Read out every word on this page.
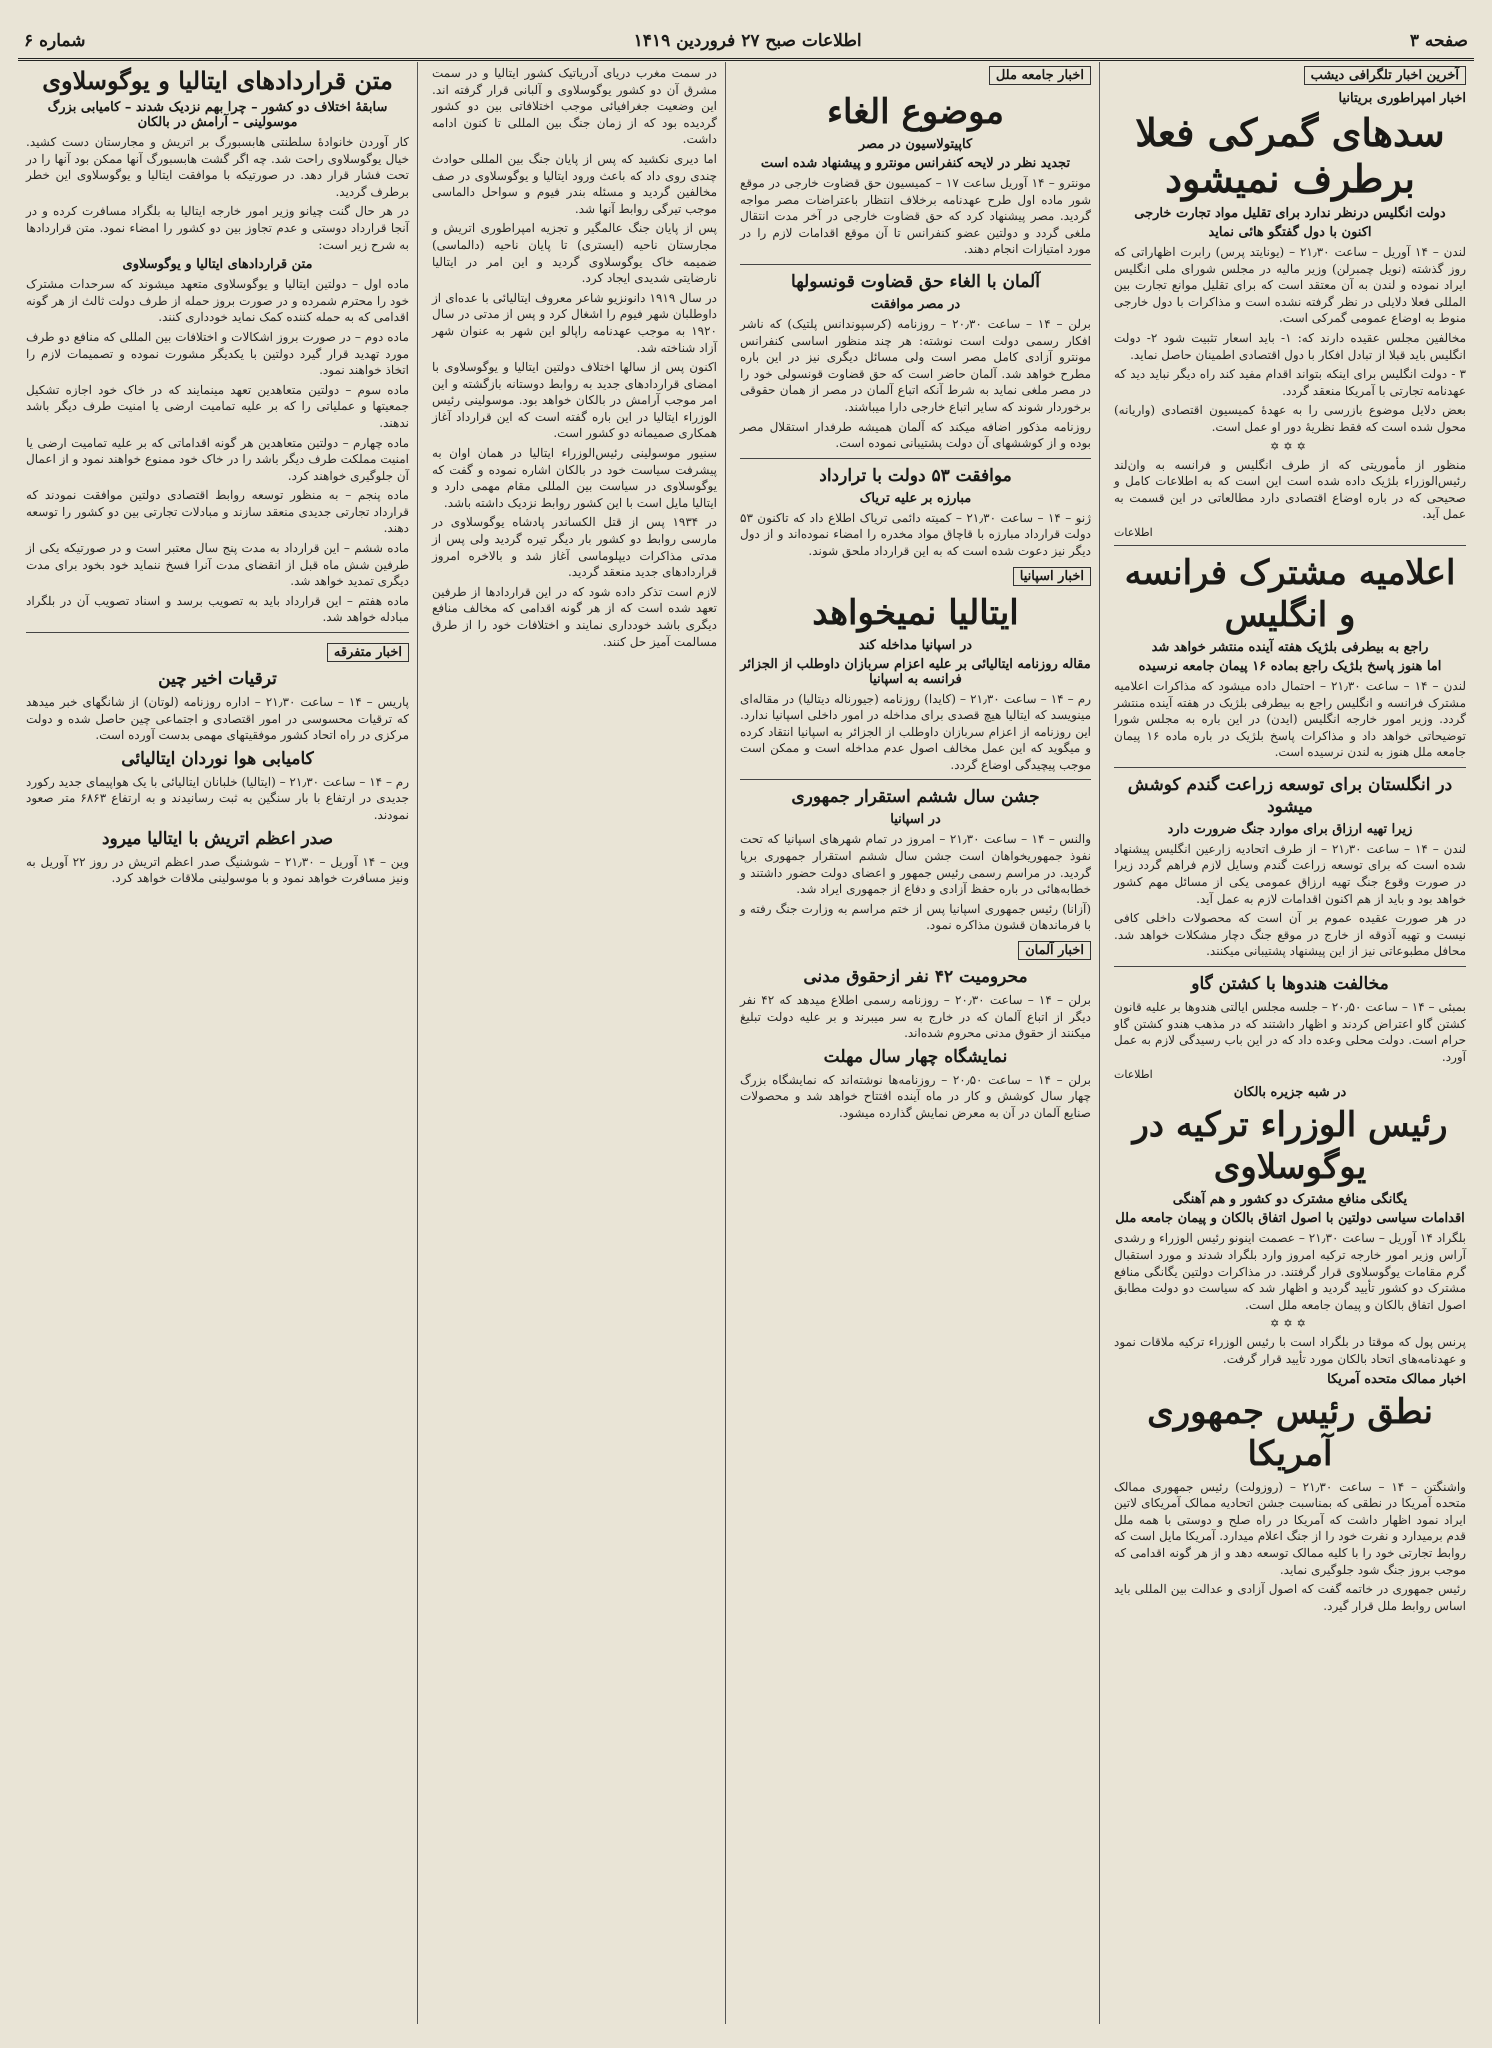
صفحه ۳
اطلاعات صبح ۲۷ فروردین ۱۴۱۹
شماره ۶
آخرین اخبار تلگرافی دیشب
اخبار امپراطوری بریتانیا
سدهای گمرکی فعلا برطرف نمیشود
دولت انگلیس درنظر ندارد برای تقلیل مواد تجارت خارجی
اکنون با دول گفتگو هائی نماید

لندن – ۱۴ آوریل – ساعت ۲۱٫۳۰ – (یونایتد پرس) رابرت اظهاراتی که روز گذشته (نویل چمبرلن) وزیر مالیه در مجلس شورای ملی انگلیس ایراد نموده و لندن به آن معتقد است که برای تقلیل موانع تجارت بین المللی فعلا دلایلی در نظر گرفته نشده است و مذاکرات با دول خارجی منوط به اوضاع عمومی گمرکی است.

مخالفین مجلس عقیده دارند که: ۱- باید اسعار تثبیت شود ۲- دولت انگلیس باید قبلا از تبادل افکار با دول اقتصادی اطمینان حاصل نماید.

۳ - دولت انگلیس برای اینکه بتواند اقدام مفید کند راه دیگر نباید دید که عهدنامه تجارتی با آمریکا منعقد گردد.

بعض دلایل موضوع بازرسی را به عهدهٔ کمیسیون اقتصادی (واریانه) محول شده است که فقط نظریهٔ دور او عمل است.

✡✡✡

منظور از مأموریتی که از طرف انگلیس و فرانسه به وان‌لند رئیس‌الوزراء بلژیک داده شده است این است که به اطلاعات کامل و صحیحی که در باره اوضاع اقتصادی دارد مطالعاتی در این قسمت به عمل آید.

اطلاعات
اعلامیه مشترک فرانسه و انگلیس
راجع به بیطرفی بلژیک هفته آینده منتشر خواهد شد
اما هنوز پاسخ بلژیک راجع بماده ۱۶ پیمان جامعه نرسیده

لندن – ۱۴ – ساعت ۲۱٫۳۰ – احتمال داده میشود که مذاکرات اعلامیه مشترک فرانسه و انگلیس راجع به بیطرفی بلژیک در هفته آینده منتشر گردد. وزیر امور خارجه انگلیس (ایدن) در این باره به مجلس شورا توضیحاتی خواهد داد و مذاکرات پاسخ بلژیک در باره ماده ۱۶ پیمان جامعه ملل هنوز به لندن نرسیده است.

در انگلستان برای توسعه زراعت گندم کوشش میشود
زیرا تهیه ارزاق برای موارد جنگ ضرورت دارد

لندن – ۱۴ – ساعت ۲۱٫۳۰ – از طرف اتحادیه زارعین انگلیس پیشنهاد شده است که برای توسعه زراعت گندم وسایل لازم فراهم گردد زیرا در صورت وقوع جنگ تهیه ارزاق عمومی یکی از مسائل مهم کشور خواهد بود و باید از هم اکنون اقدامات لازم به عمل آید.

در هر صورت عقیده عموم بر آن است که محصولات داخلی کافی نیست و تهیه آذوقه از خارج در موقع جنگ دچار مشکلات خواهد شد. محافل مطبوعاتی نیز از این پیشنهاد پشتیبانی میکنند.

مخالفت هندوها با کشتن گاو

بمبئی – ۱۴ – ساعت ۲۰٫۵۰ – جلسه مجلس ایالتی هندوها بر علیه قانون کشتن گاو اعتراض کردند و اظهار داشتند که در مذهب هندو کشتن گاو حرام است. دولت محلی وعده داد که در این باب رسیدگی لازم به عمل آورد.

اطلاعات
در شبه جزیره بالکان
رئیس الوزراء ترکیه در یوگوسلاوی
یگانگی منافع مشترک دو کشور و هم آهنگی
اقدامات سیاسی دولتین با اصول اتفاق بالکان و پیمان جامعه ملل

بلگراد ۱۴ آوریل – ساعت ۲۱٫۳۰ – عصمت اینونو رئیس الوزراء و رشدی آراس وزیر امور خارجه ترکیه امروز وارد بلگراد شدند و مورد استقبال گرم مقامات یوگوسلاوی قرار گرفتند. در مذاکرات دولتین یگانگی منافع مشترک دو کشور تأیید گردید و اظهار شد که سیاست دو دولت مطابق اصول اتفاق بالکان و پیمان جامعه ملل است.

✡✡✡

پرنس پول که موقتا در بلگراد است با رئیس الوزراء ترکیه ملاقات نمود و عهدنامه‌های اتحاد بالکان مورد تأیید قرار گرفت.

اخبار ممالک متحده آمریکا
نطق رئیس جمهوری آمریکا

واشنگتن – ۱۴ – ساعت ۲۱٫۳۰ – (روزولت) رئیس جمهوری ممالک متحده آمریکا در نطقی که بمناسبت جشن اتحادیه ممالک آمریکای لاتین ایراد نمود اظهار داشت که آمریکا در راه صلح و دوستی با همه ملل قدم برمیدارد و نفرت خود را از جنگ اعلام میدارد. آمریکا مایل است که روابط تجارتی خود را با کلیه ممالک توسعه دهد و از هر گونه اقدامی که موجب بروز جنگ شود جلوگیری نماید.

رئیس جمهوری در خاتمه گفت که اصول آزادی و عدالت بین المللی باید اساس روابط ملل قرار گیرد.

اخبار جامعه ملل
موضوع الغاء
کاپیتولاسیون در مصر
تجدید نظر در لایحه کنفرانس مونترو و پیشنهاد شده است

مونترو – ۱۴ آوریل ساعت ۱۷ – کمیسیون حق قضاوت خارجی در موقع شور ماده اول طرح عهدنامه برخلاف انتظار باعتراضات مصر مواجه گردید. مصر پیشنهاد کرد که حق قضاوت خارجی در آخر مدت انتقال ملغی گردد و دولتین عضو کنفرانس تا آن موقع اقدامات لازم را در مورد امتیازات انجام دهند.

آلمان با الغاء حق قضاوت قونسولها
در مصر موافقت

برلن – ۱۴ – ساعت ۲۰٫۳۰ – روزنامه (کرسپوندانس پلتیک) که ناشر افکار رسمی دولت است نوشته: هر چند منظور اساسی کنفرانس مونترو آزادی کامل مصر است ولی مسائل دیگری نیز در این باره مطرح خواهد شد. آلمان حاضر است که حق قضاوت قونسولی خود را در مصر ملغی نماید به شرط آنکه اتباع آلمان در مصر از همان حقوقی برخوردار شوند که سایر اتباع خارجی دارا میباشند.

روزنامه مذکور اضافه میکند که آلمان همیشه طرفدار استقلال مصر بوده و از کوششهای آن دولت پشتیبانی نموده است.

موافقت ۵۳ دولت با ترارداد
مبارزه بر علیه تریاک

ژنو – ۱۴ – ساعت ۲۱٫۳۰ – کمیته دائمی تریاک اطلاع داد که تاکنون ۵۳ دولت قرارداد مبارزه با قاچاق مواد مخدره را امضاء نموده‌اند و از دول دیگر نیز دعوت شده است که به این قرارداد ملحق شوند.

اخبار اسپانیا
ایتالیا نمیخواهد
در اسپانیا مداخله کند
مقاله روزنامه ایتالیائی بر علیه اعزام سربازان داوطلب از الجزائر فرانسه به اسپانیا

رم – ۱۴ – ساعت ۲۱٫۳۰ – (کایدا) روزنامه (جیورناله دیتالیا) در مقاله‌ای مینویسد که ایتالیا هیچ قصدی برای مداخله در امور داخلی اسپانیا ندارد. این روزنامه از اعزام سربازان داوطلب از الجزائر به اسپانیا انتقاد کرده و میگوید که این عمل مخالف اصول عدم مداخله است و ممکن است موجب پیچیدگی اوضاع گردد.

جشن سال ششم استقرار جمهوری
در اسپانیا

والنس – ۱۴ – ساعت ۲۱٫۳۰ – امروز در تمام شهرهای اسپانیا که تحت نفوذ جمهوریخواهان است جشن سال ششم استقرار جمهوری برپا گردید. در مراسم رسمی رئیس جمهور و اعضای دولت حضور داشتند و خطابه‌هائی در باره حفظ آزادی و دفاع از جمهوری ایراد شد.

(آزانا) رئیس جمهوری اسپانیا پس از ختم مراسم به وزارت جنگ رفته و با فرماندهان قشون مذاکره نمود.

اخبار آلمان
محرومیت ۴۲ نفر ازحقوق مدنی

برلن – ۱۴ – ساعت ۲۰٫۳۰ – روزنامه رسمی اطلاع میدهد که ۴۲ نفر دیگر از اتباع آلمان که در خارج به سر میبرند و بر علیه دولت تبلیغ میکنند از حقوق مدنی محروم شده‌اند.

نمایشگاه چهار سال مهلت

برلن – ۱۴ – ساعت ۲۰٫۵۰ – روزنامه‌ها نوشته‌اند که نمایشگاه بزرگ چهار سال کوشش و کار در ماه آینده افتتاح خواهد شد و محصولات صنایع آلمان در آن به معرض نمایش گذارده میشود.

در سمت مغرب دریای آدریاتیک کشور ایتالیا و در سمت مشرق آن دو کشور یوگوسلاوی و آلبانی قرار گرفته اند. این وضعیت جغرافیائی موجب اختلافاتی بین دو کشور گردیده بود که از زمان جنگ بین المللی تا کنون ادامه داشت.

اما دیری نکشید که پس از پایان جنگ بین المللی حوادث چندی روی داد که باعث ورود ایتالیا و یوگوسلاوی در صف مخالفین گردید و مسئله بندر فیوم و سواحل دالماسی موجب تیرگی روابط آنها شد.

پس از پایان جنگ عالمگیر و تجزیه امپراطوری اتریش و مجارستان ناحیه (ایستری) تا پایان ناحیه (دالماسی) ضمیمه خاک یوگوسلاوی گردید و این امر در ایتالیا نارضایتی شدیدی ایجاد کرد.

در سال ۱۹۱۹ دانونزیو شاعر معروف ایتالیائی با عده‌ای از داوطلبان شهر فیوم را اشغال کرد و پس از مدتی در سال ۱۹۲۰ به موجب عهدنامه راپالو این شهر به عنوان شهر آزاد شناخته شد.

اکنون پس از سالها اختلاف دولتین ایتالیا و یوگوسلاوی با امضای قراردادهای جدید به روابط دوستانه بازگشته و این امر موجب آرامش در بالکان خواهد بود. موسولینی رئیس الوزراء ایتالیا در این باره گفته است که این قرارداد آغاز همکاری صمیمانه دو کشور است.

سنیور موسولینی رئیس‌الوزراء ایتالیا در همان اوان به پیشرفت سیاست خود در بالکان اشاره نموده و گفت که یوگوسلاوی در سیاست بین المللی مقام مهمی دارد و ایتالیا مایل است با این کشور روابط نزدیک داشته باشد.

در ۱۹۳۴ پس از قتل الکساندر پادشاه یوگوسلاوی در مارسی روابط دو کشور بار دیگر تیره گردید ولی پس از مدتی مذاکرات دیپلوماسی آغاز شد و بالاخره امروز قراردادهای جدید منعقد گردید.

لازم است تذکر داده شود که در این قراردادها از طرفین تعهد شده است که از هر گونه اقدامی که مخالف منافع دیگری باشد خودداری نمایند و اختلافات خود را از طرق مسالمت آمیز حل کنند.

متن قراردادهای ایتالیا و یوگوسلاوی
سابقهٔ اختلاف دو کشور – چرا بهم نزدیک شدند – کامیابی بزرگ موسولینی – آرامش در بالکان

کار آوردن خانوادهٔ سلطنتی هابسبورگ بر اتریش و مجارستان دست کشید. خیال یوگوسلاوی راحت شد. چه اگر گشت هابسبورگ آنها ممکن بود آنها را در تحت فشار قرار دهد. در صورتیکه با موافقت ایتالیا و یوگوسلاوی این خطر برطرف گردید.

در هر حال گنت چیانو وزیر امور خارجه ایتالیا به بلگراد مسافرت کرده و در آنجا قرارداد دوستی و عدم تجاوز بین دو کشور را امضاء نمود. متن قراردادها به شرح زیر است:

متن قراردادهای ایتالیا و یوگوسلاوی

ماده اول – دولتین ایتالیا و یوگوسلاوی متعهد میشوند که سرحدات مشترک خود را محترم شمرده و در صورت بروز حمله از طرف دولت ثالث از هر گونه اقدامی که به حمله کننده کمک نماید خودداری کنند.

ماده دوم – در صورت بروز اشکالات و اختلافات بین المللی که منافع دو طرف مورد تهدید قرار گیرد دولتین با یکدیگر مشورت نموده و تصمیمات لازم را اتخاذ خواهند نمود.

ماده سوم – دولتین متعاهدین تعهد مینمایند که در خاک خود اجازه تشکیل جمعیتها و عملیاتی را که بر علیه تمامیت ارضی یا امنیت طرف دیگر باشد ندهند.

ماده چهارم – دولتین متعاهدین هر گونه اقداماتی که بر علیه تمامیت ارضی یا امنیت مملکت طرف دیگر باشد را در خاک خود ممنوع خواهند نمود و از اعمال آن جلوگیری خواهند کرد.

ماده پنجم – به منظور توسعه روابط اقتصادی دولتین موافقت نمودند که قرارداد تجارتی جدیدی منعقد سازند و مبادلات تجارتی بین دو کشور را توسعه دهند.

ماده ششم – این قرارداد به مدت پنج سال معتبر است و در صورتیکه یکی از طرفین شش ماه قبل از انقضای مدت آنرا فسخ ننماید خود بخود برای مدت دیگری تمدید خواهد شد.

ماده هفتم – این قرارداد باید به تصویب برسد و اسناد تصویب آن در بلگراد مبادله خواهد شد.

اخبار متفرقه
ترقیات اخیر چین

پاریس – ۱۴ – ساعت ۲۱٫۳۰ – اداره روزنامه (لوتان) از شانگهای خبر میدهد که ترقیات محسوسی در امور اقتصادی و اجتماعی چین حاصل شده و دولت مرکزی در راه اتحاد کشور موفقیتهای مهمی بدست آورده است.

کامیابی هوا نوردان ایتالیائی

رم – ۱۴ – ساعت ۲۱٫۳۰ – (ایتالیا) خلبانان ایتالیائی با یک هواپیمای جدید رکورد جدیدی در ارتفاع با بار سنگین به ثبت رسانیدند و به ارتفاع ۶۸۶۳ متر صعود نمودند.

صدر اعظم اتریش با ایتالیا میرود

وین – ۱۴ آوریل – ۲۱٫۳۰ – شوشنیگ صدر اعظم اتریش در روز ۲۲ آوریل به ونیز مسافرت خواهد نمود و با موسولینی ملاقات خواهد کرد.
